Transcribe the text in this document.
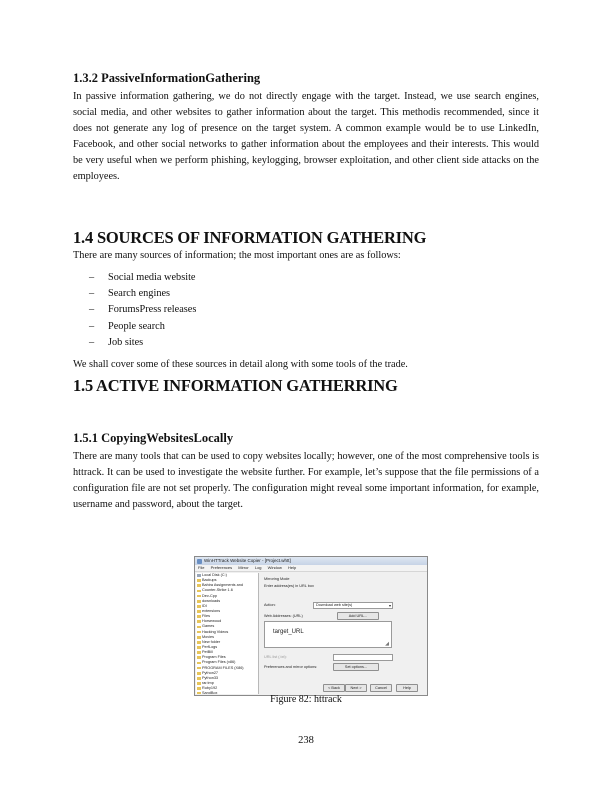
1.3.2 PassiveInformationGathering
In passive information gathering, we do not directly engage with the target. Instead, we use search engines, social media, and other websites to gather information about the target. This methodis recommended, since it does not generate any log of presence on the target system. A common example would be to use LinkedIn, Facebook, and other social networks to gather information about the employees and their interests. This would be very useful when we perform phishing, keylogging, browser exploitation, and other client side attacks on the employees.
1.4 SOURCES OF INFORMATION GATHERING
There are many sources of information; the most important ones are as follows:
– Social media website
– Search engines
– ForumsPress releases
– People search
– Job sites
We shall cover some of these sources in detail along with some tools of the trade.
1.5 ACTIVE INFORMATION GATHERRING
1.5.1 CopyingWebsitesLocally
There are many tools that can be used to copy websites locally; however, one of the most comprehensive tools is httrack. It can be used to investigate the website further. For example, let’s suppose that the file permissions of a configuration file are not set properly. The configuration might reveal some important information, for example, username and password, about the target.
WinHTTrack Website Copier - [Project.whtt]
File Preferences Mirror Log Window Help
Local Disk (C:)
Backups
Bahira Assignments and
Counter-Strike 1.6
Dev-Cpp
downloads
IDI
extensions
Files
Horsewoud
Games
Hacking Videos
Movies
New folder
PerfLogs
PetBill
Program Files
Program Files (x86)
PROGRAM FILES (X86)
Python27
Python33
rar.tmp
Ruby192
SandBox
Mirroring Mode
Enter address(es) in URL box
Action:	Download web site(s)	▾
Web Addresses: (URL)	Add URL...
target_URL
◢
URL list (.txt):
Preferences and mirror options:	Set options...
< Back	Next >	Cancel	Help
Figure 82: httrack
238
